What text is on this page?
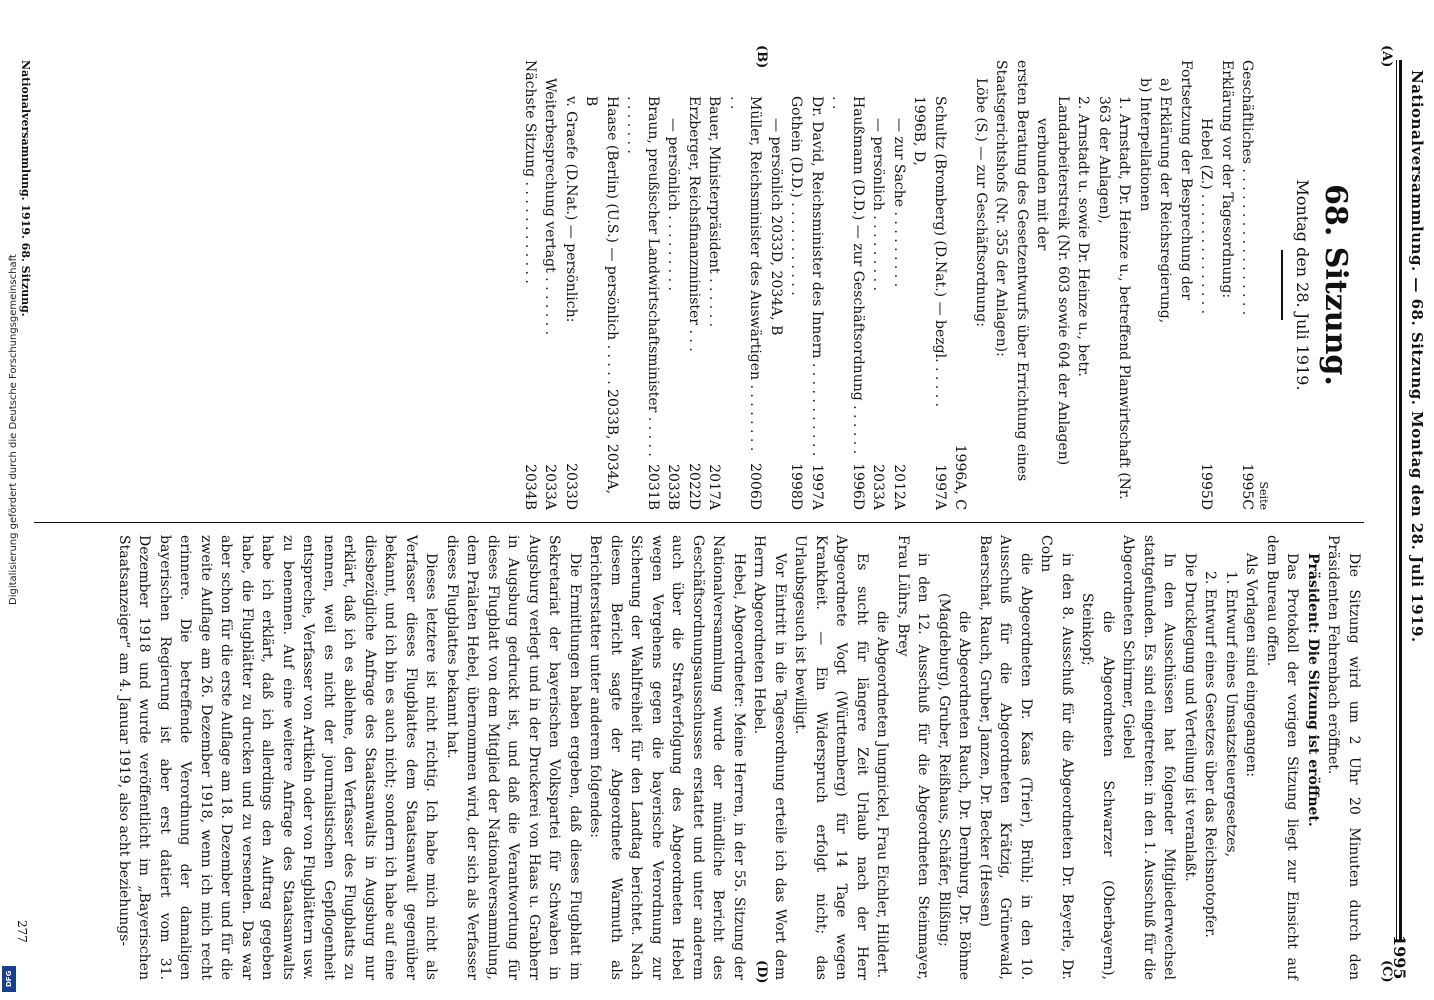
Nationalversammlung. — 68. Sitzung. Montag den 28. Juli 1919.
1995
(A)
(B)
(C)
(D)
68. Sitzung.
Montag den 28. Juli 1919.
Seite
Geschäftliches . . . . . . . . . . . . . . . . .
1995C
Erklärung vor der Tagesordnung:
Hebel (Z.) . . . . . . . . . . . . . .
1995D
Fortsetzung der Besprechung der
a) Erklärung der Reichsregierung,
b) Interpellationen
1. Arnstadt, Dr. Heinze u., betreffend Planwirtschaft (Nr. 363 der Anlagen),
2. Arnstadt u. sowie Dr. Heinze u., betr. Landarbeiterstreik (Nr. 603 sowie 604 der Anlagen)
verbunden mit der
ersten Beratung des Gesetzentwurfs über Errichtung eines Staatsgerichtshofs (Nr. 355 der Anlagen):
Löbe (S.) — zur Geschäftsordnung:
1996A, C
Schultz (Bromberg) (D.Nat.) — bezgl. . . . . . 1996B, D,
1997A
— zur Sache . . . . . . . . .
2012A
— persönlich . . . . . . . . .
2033A
Haußmann (D.D.) — zur Geschäftsordnung . . . . . . . .
1996D
Dr. David, Reichsminister des Innern . . . . . . . . . . .
1997A
Gothein (D.D.) . . . . . . . . . . .
1998D
— persönlich 2033D, 2034A, B
Müller, Reichsminister des Auswärtigen . . . . . . . . . .
2006D
Bauer, Ministerpräsident . . . . . .
2017A
Erzberger, Reichsfinanzminister . . .
2022D
— persönlich . . . . . . . . .
2033B
Braun, preußischer Landwirtschaftsminister . . . . . . . . . . . .
2031B
Haase (Berlin) (U.S.) — persönlich . . . . . 2033B, 2034A, B
v. Graefe (D.Nat.) — persönlich:
2033D
Weiterbesprechung vertagt . . . . . . .
2033A
Nächste Sitzung . . . . . . . . . . . .
2034B

Die Sitzung wird um 2 Uhr 20 Minuten durch den Präsidenten Fehrenbach eröffnet.

Präsident: Die Sitzung ist eröffnet.

Das Protokoll der vorigen Sitzung liegt zur Einsicht auf dem Bureau offen.

Als Vorlagen sind eingegangen:

1. Entwurf eines Umsatzsteuergesetzes,

2. Entwurf eines Gesetzes über das Reichsnotopfer.

Die Drucklegung und Verteilung ist veranlaßt.

In den Ausschüssen hat folgender Mitgliederwechsel stattgefunden. Es sind eingetreten: in den 1. Ausschuß für die Abgeordneten Schirmer, Giebel

die Abgeordneten Schwarzer (Oberbayern), Steinkopf;

in den 8. Ausschuß für die Abgeordneten Dr. Beyerle, Dr. Cohn

die Abgeordneten Dr. Kaas (Trier), Brühl; in den 10. Ausschuß für die Abgeordneten Krätzig, Grünewald, Baerschat, Rauch, Gruber, Janzen, Dr. Becker (Hessen)

die Abgeordneten Rauch, Dr. Dernburg, Dr. Böhme (Magdeburg), Gruber, Reißhaus, Schäfer, Blißing;

in den 12. Ausschuß für die Abgeordneten Steinmayer, Frau Lührs, Brey

die Abgeordneten Jungnickel, Frau Eichler, Hildert.

Es sucht für längere Zeit Urlaub nach der Herr Abgeordnete Vogt (Württemberg) für 14 Tage wegen Krankheit. — Ein Widerspruch erfolgt nicht; das Urlaubsgesuch ist bewilligt.

Vor Eintritt in die Tagesordnung erteile ich das Wort dem Herrn Abgeordneten Hebel.

Hebel, Abgeordneter: Meine Herren, in der 55. Sitzung der Nationalversammlung wurde der mündliche Bericht des Geschäftsordnungsausschusses erstattet und unter anderem auch über die Strafverfolgung des Abgeordneten Hebel wegen Vergehens gegen die bayerische Verordnung zur Sicherung der Wahlfreiheit für den Landtag berichtet. Nach diesem Bericht sagte der Abgeordnete Warmuth als Berichterstatter unter anderem folgendes:

Die Ermittlungen haben ergeben, daß dieses Flugblatt im Sekretariat der bayerischen Volkspartei für Schwaben in Augsburg verlegt und in der Druckerei von Haas u. Grabherr in Augsburg gedruckt ist, und daß die Verantwortung für dieses Flugblatt von dem Mitglied der Nationalversammlung, dem Prälaten Hebel, übernommen wird, der sich als Verfasser dieses Flugblattes bekannt hat.

Dieses letztere ist nicht richtig. Ich habe mich nicht als Verfasser dieses Flugblattes dem Staatsanwalt gegenüber bekannt, und ich bin es auch nicht; sondern ich habe auf eine diesbezügliche Anfrage des Staatsanwalts in Augsburg nur erklärt, daß ich es ablehne, den Verfasser des Flugblatts zu nennen, weil es nicht der journalistischen Gepflogenheit entspreche, Verfasser von Artikeln oder von Flugblättern usw. zu benennen. Auf eine weitere Anfrage des Staatsanwalts habe ich erklärt, daß ich allerdings den Auftrag gegeben habe, die Flugblätter zu drucken und zu versenden. Das war aber schon für die erste Auflage am 18. Dezember und für die zweite Auflage am 26. Dezember 1918, wenn ich mich recht erinnere. Die betreffende Verordnung der damaligen bayerischen Regierung ist aber erst datiert vom 31. Dezember 1918 und wurde veröffentlicht im „Bayerischen Staatsanzeiger“ am 4. Januar 1919, also acht beziehungs-

Nationalversammlung. 1919. 68. Sitzung.
277
Digitalisierung gefördert durch die Deutsche Forschungsgemeinschaft
DFG
